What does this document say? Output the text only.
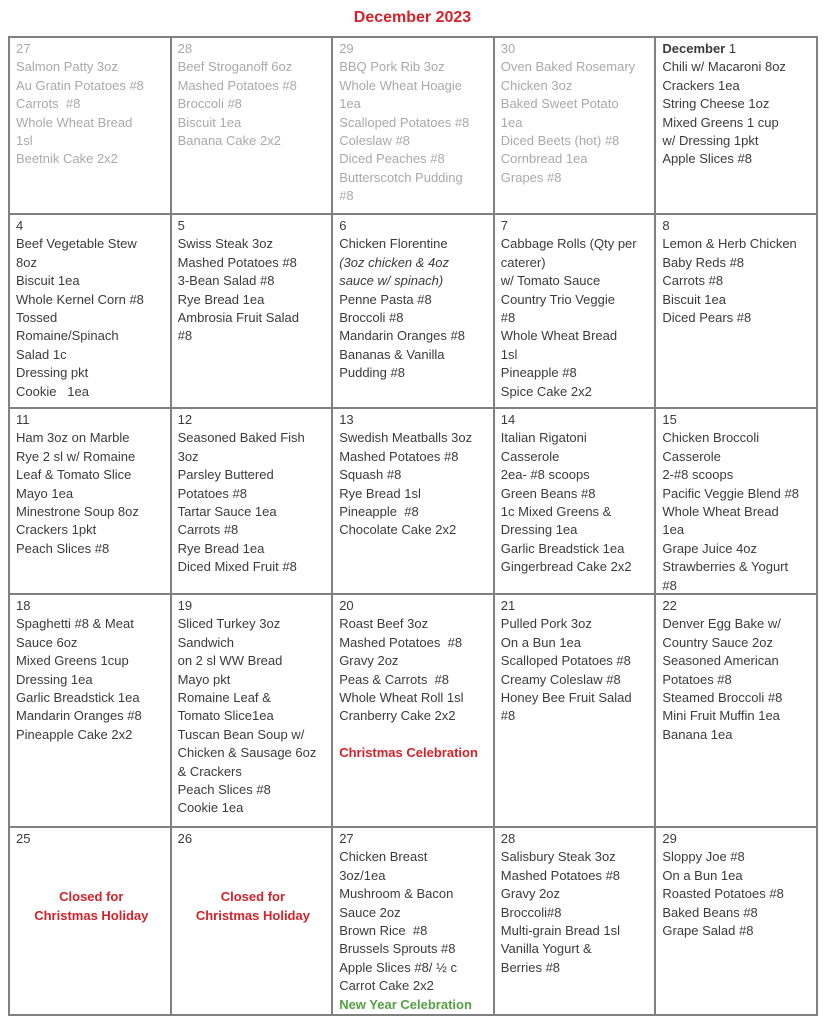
December 2023
27
Salmon Patty 3oz
Au Gratin Potatoes #8
Carrots  #8
Whole Wheat Bread
1sl
Beetnik Cake 2x2

28
Beef Stroganoff 6oz
Mashed Potatoes #8
Broccoli #8
Biscuit 1ea
Banana Cake 2x2

29
BBQ Pork Rib 3oz
Whole Wheat Hoagie
1ea
Scalloped Potatoes #8
Coleslaw #8
Diced Peaches #8
Butterscotch Pudding
#8

30
Oven Baked Rosemary
Chicken 3oz
Baked Sweet Potato
1ea
Diced Beets (hot) #8
Cornbread 1ea
Grapes #8

December 1
Chili w/ Macaroni 8oz
Crackers 1ea
String Cheese 1oz
Mixed Greens 1 cup
w/ Dressing 1pkt
Apple Slices #8

4
Beef Vegetable Stew
8oz
Biscuit 1ea
Whole Kernel Corn #8
Tossed
Romaine/Spinach
Salad 1c
Dressing pkt
Cookie   1ea

5
Swiss Steak 3oz
Mashed Potatoes #8
3-Bean Salad #8
Rye Bread 1ea
Ambrosia Fruit Salad
#8

6
Chicken Florentine
(3oz chicken & 4oz
sauce w/ spinach)
Penne Pasta #8
Broccoli #8
Mandarin Oranges #8
Bananas & Vanilla
Pudding #8

7
Cabbage Rolls (Qty per
caterer)
w/ Tomato Sauce
Country Trio Veggie
#8
Whole Wheat Bread
1sl
Pineapple #8
Spice Cake 2x2

8
Lemon & Herb Chicken
Baby Reds #8
Carrots #8
Biscuit 1ea
Diced Pears #8

11
Ham 3oz on Marble
Rye 2 sl w/ Romaine
Leaf & Tomato Slice
Mayo 1ea
Minestrone Soup 8oz
Crackers 1pkt
Peach Slices #8

12
Seasoned Baked Fish
3oz
Parsley Buttered
Potatoes #8
Tartar Sauce 1ea
Carrots #8
Rye Bread 1ea
Diced Mixed Fruit #8

13
Swedish Meatballs 3oz
Mashed Potatoes #8
Squash #8
Rye Bread 1sl
Pineapple  #8
Chocolate Cake 2x2

14
Italian Rigatoni
Casserole
2ea- #8 scoops
Green Beans #8
1c Mixed Greens &
Dressing 1ea
Garlic Breadstick 1ea
Gingerbread Cake 2x2

15
Chicken Broccoli
Casserole
2-#8 scoops
Pacific Veggie Blend #8
Whole Wheat Bread
1ea
Grape Juice 4oz
Strawberries & Yogurt
#8

18
Spaghetti #8 & Meat
Sauce 6oz
Mixed Greens 1cup
Dressing 1ea
Garlic Breadstick 1ea
Mandarin Oranges #8
Pineapple Cake 2x2

19
Sliced Turkey 3oz
Sandwich
on 2 sl WW Bread
Mayo pkt
Romaine Leaf &
Tomato Slice1ea
Tuscan Bean Soup w/
Chicken & Sausage 6oz
& Crackers
Peach Slices #8
Cookie 1ea

20
Roast Beef 3oz
Mashed Potatoes  #8
Gravy 2oz
Peas & Carrots  #8
Whole Wheat Roll 1sl
Cranberry Cake 2x2
Christmas Celebration

21
Pulled Pork 3oz
On a Bun 1ea
Scalloped Potatoes #8
Creamy Coleslaw #8
Honey Bee Fruit Salad
#8

22
Denver Egg Bake w/
Country Sauce 2oz
Seasoned American
Potatoes #8
Steamed Broccoli #8
Mini Fruit Muffin 1ea
Banana 1ea

25
Closed for
Christmas Holiday

26
Closed for
Christmas Holiday

27
Chicken Breast
3oz/1ea
Mushroom & Bacon
Sauce 2oz
Brown Rice  #8
Brussels Sprouts #8
Apple Slices #8/ ½ c
Carrot Cake 2x2
New Year Celebration

28
Salisbury Steak 3oz
Mashed Potatoes #8
Gravy 2oz
Broccoli#8
Multi-grain Bread 1sl
Vanilla Yogurt &
Berries #8

29
Sloppy Joe #8
On a Bun 1ea
Roasted Potatoes #8
Baked Beans #8
Grape Salad #8
